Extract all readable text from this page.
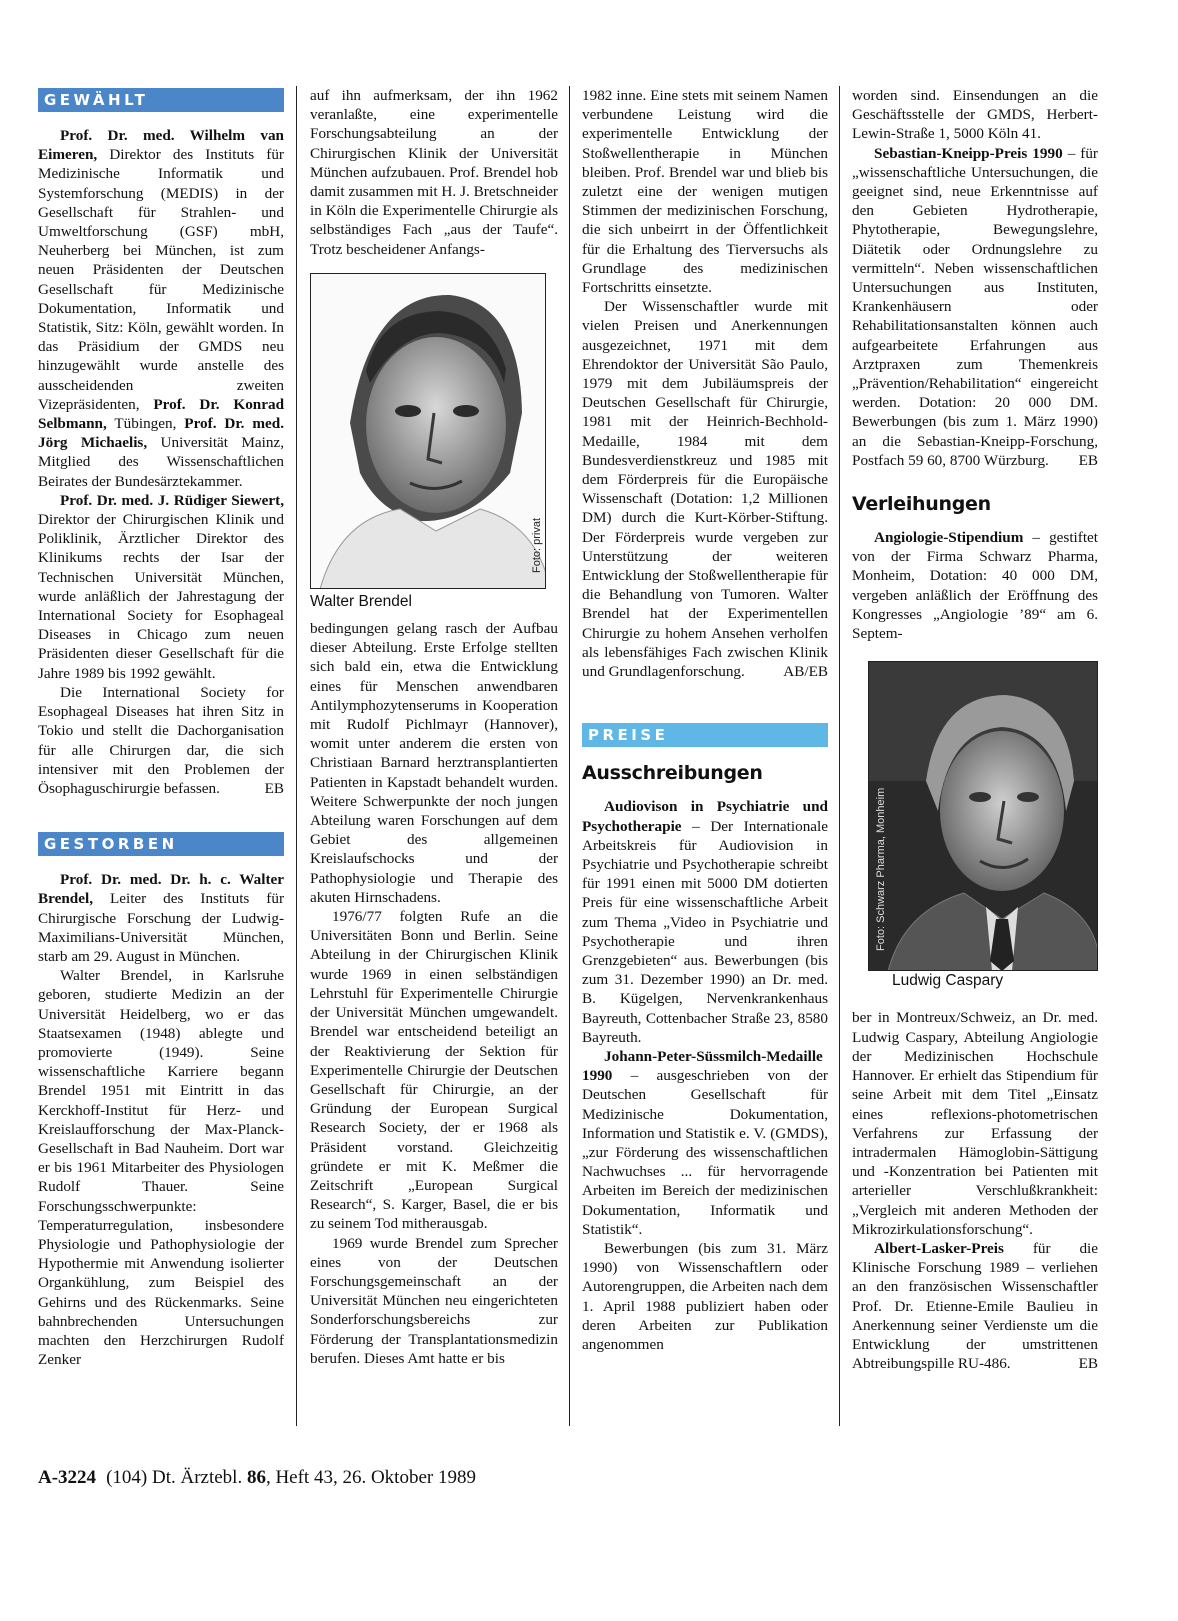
GEWÄHLT

Prof. Dr. med. Wilhelm van Eimeren, Direktor des Instituts für Medizinische Informatik und Systemforschung (MEDIS) in der Gesellschaft für Strahlen- und Umweltforschung (GSF) mbH, Neuherberg bei München, ist zum neuen Präsidenten der Deutschen Gesellschaft für Medizinische Dokumentation, Informatik und Statistik, Sitz: Köln, gewählt worden. In das Präsidium der GMDS neu hinzugewählt wurde anstelle des ausscheidenden zweiten Vizepräsidenten, Prof. Dr. Konrad Selbmann, Tübingen, Prof. Dr. med. Jörg Michaelis, Universität Mainz, Mitglied des Wissenschaftlichen Beirates der Bundesärztekammer.

Prof. Dr. med. J. Rüdiger Siewert, Direktor der Chirurgischen Klinik und Poliklinik, Ärztlicher Direktor des Klinikums rechts der Isar der Technischen Universität München, wurde anläßlich der Jahrestagung der International Society for Esophageal Diseases in Chicago zum neuen Präsidenten dieser Gesellschaft für die Jahre 1989 bis 1992 gewählt.

Die International Society for Esophageal Diseases hat ihren Sitz in Tokio und stellt die Dachorganisation für alle Chirurgen dar, die sich intensiver mit den Problemen der Ösophaguschirurgie befassen.	EB

GESTORBEN

Prof. Dr. med. Dr. h. c. Walter Brendel, Leiter des Instituts für Chirurgische Forschung der Ludwig-Maximilians-Universität München, starb am 29. August in München.

Walter Brendel, in Karlsruhe geboren, studierte Medizin an der Universität Heidelberg, wo er das Staatsexamen (1948) ablegte und promovierte (1949). Seine wissenschaftliche Karriere begann Brendel 1951 mit Eintritt in das Kerckhoff-Institut für Herz- und Kreislaufforschung der Max-Planck-Gesellschaft in Bad Nauheim. Dort war er bis 1961 Mitarbeiter des Physiologen Rudolf Thauer. Seine Forschungsschwerpunkte: Temperaturregulation, insbesondere Physiologie und Pathophysiologie der Hypothermie mit Anwendung isolierter Organkühlung, zum Beispiel des Gehirns und des Rückenmarks. Seine bahnbrechenden Untersuchungen machten den Herzchirurgen Rudolf Zenker

auf ihn aufmerksam, der ihn 1962 veranlaßte, eine experimentelle Forschungsabteilung an der Chirurgischen Klinik der Universität München aufzubauen. Prof. Brendel hob damit zusammen mit H. J. Bretschneider in Köln die Experimentelle Chirurgie als selbständiges Fach „aus der Taufe“. Trotz bescheidener Anfangs-

Foto: privat
Walter Brendel

bedingungen gelang rasch der Aufbau dieser Abteilung. Erste Erfolge stellten sich bald ein, etwa die Entwicklung eines für Menschen anwendbaren Antilymphozytenserums in Kooperation mit Rudolf Pichlmayr (Hannover), womit unter anderem die ersten von Christiaan Barnard herztransplantierten Patienten in Kapstadt behandelt wurden. Weitere Schwerpunkte der noch jungen Abteilung waren Forschungen auf dem Gebiet des allgemeinen Kreislaufschocks und der Pathophysiologie und Therapie des akuten Hirnschadens.

1976/77 folgten Rufe an die Universitäten Bonn und Berlin. Seine Abteilung in der Chirurgischen Klinik wurde 1969 in einen selbständigen Lehrstuhl für Experimentelle Chirurgie der Universität München umgewandelt. Brendel war entscheidend beteiligt an der Reaktivierung der Sektion für Experimentelle Chirurgie der Deutschen Gesellschaft für Chirurgie, an der Gründung der European Surgical Research Society, der er 1968 als Präsident vorstand. Gleichzeitig gründete er mit K. Meßmer die Zeitschrift „European Surgical Research“, S. Karger, Basel, die er bis zu seinem Tod mitherausgab.

1969 wurde Brendel zum Sprecher eines von der Deutschen Forschungsgemeinschaft an der Universität München neu eingerichteten Sonderforschungsbereichs zur Förderung der Transplantationsmedizin berufen. Dieses Amt hatte er bis

1982 inne. Eine stets mit seinem Namen verbundene Leistung wird die experimentelle Entwicklung der Stoßwellentherapie in München bleiben. Prof. Brendel war und blieb bis zuletzt eine der wenigen mutigen Stimmen der medizinischen Forschung, die sich unbeirrt in der Öffentlichkeit für die Erhaltung des Tierversuchs als Grundlage des medizinischen Fortschritts einsetzte.

Der Wissenschaftler wurde mit vielen Preisen und Anerkennungen ausgezeichnet, 1971 mit dem Ehrendoktor der Universität São Paulo, 1979 mit dem Jubiläumspreis der Deutschen Gesellschaft für Chirurgie, 1981 mit der Heinrich-Bechhold-Medaille, 1984 mit dem Bundesverdienstkreuz und 1985 mit dem Förderpreis für die Europäische Wissenschaft (Dotation: 1,2 Millionen DM) durch die Kurt-Körber-Stiftung. Der Förderpreis wurde vergeben zur Unterstützung der weiteren Entwicklung der Stoßwellentherapie für die Behandlung von Tumoren. Walter Brendel hat der Experimentellen Chirurgie zu hohem Ansehen verholfen als lebensfähiges Fach zwischen Klinik und Grundlagenforschung.	AB/EB

PREISE
Ausschreibungen

Audiovison in Psychiatrie und Psychotherapie – Der Internationale Arbeitskreis für Audiovision in Psychiatrie und Psychotherapie schreibt für 1991 einen mit 5000 DM dotierten Preis für eine wissenschaftliche Arbeit zum Thema „Video in Psychiatrie und Psychotherapie und ihren Grenzgebieten“ aus. Bewerbungen (bis zum 31. Dezember 1990) an Dr. med. B. Kügelgen, Nervenkrankenhaus Bayreuth, Cottenbacher Straße 23, 8580 Bayreuth.

Johann-Peter-Süssmilch-Medaille 1990 – ausgeschrieben von der Deutschen Gesellschaft für Medizinische Dokumentation, Information und Statistik e. V. (GMDS), „zur Förderung des wissenschaftlichen Nachwuchses ... für hervorragende Arbeiten im Bereich der medizinischen Dokumentation, Informatik und Statistik“.

Bewerbungen (bis zum 31. März 1990) von Wissenschaftlern oder Autorengruppen, die Arbeiten nach dem 1. April 1988 publiziert haben oder deren Arbeiten zur Publikation angenommen

worden sind. Einsendungen an die Geschäftsstelle der GMDS, Herbert-Lewin-Straße 1, 5000 Köln 41.

Sebastian-Kneipp-Preis 1990 – für „wissenschaftliche Untersuchungen, die geeignet sind, neue Erkenntnisse auf den Gebieten Hydrotherapie, Phytotherapie, Bewegungslehre, Diätetik oder Ordnungslehre zu vermitteln“. Neben wissenschaftlichen Untersuchungen aus Instituten, Krankenhäusern oder Rehabilitationsanstalten können auch aufgearbeitete Erfahrungen aus Arztpraxen zum Themenkreis „Prävention/Rehabilitation“ eingereicht werden. Dotation: 20 000 DM. Bewerbungen (bis zum 1. März 1990) an die Sebastian-Kneipp-Forschung, Postfach 59 60, 8700 Würzburg.	EB

Verleihungen

Angiologie-Stipendium – gestiftet von der Firma Schwarz Pharma, Monheim, Dotation: 40 000 DM, vergeben anläßlich der Eröffnung des Kongresses „Angiologie ’89“ am 6. Septem-

Foto: Schwarz Pharma, Monheim
Ludwig Caspary

ber in Montreux/Schweiz, an Dr. med. Ludwig Caspary, Abteilung Angiologie der Medizinischen Hochschule Hannover. Er erhielt das Stipendium für seine Arbeit mit dem Titel „Einsatz eines reflexions-photometrischen Verfahrens zur Erfassung der intradermalen Hämoglobin-Sättigung und -Konzentration bei Patienten mit arterieller Verschlußkrankheit: „Vergleich mit anderen Methoden der Mikrozirkulationsforschung“.

Albert-Lasker-Preis für die Klinische Forschung 1989 – verliehen an den französischen Wissenschaftler Prof. Dr. Etienne-Emile Baulieu in Anerkennung seiner Verdienste um die Entwicklung der umstrittenen Abtreibungspille RU-486.	EB

A-3224 (104) Dt. Ärztebl. 86, Heft 43, 26. Oktober 1989
